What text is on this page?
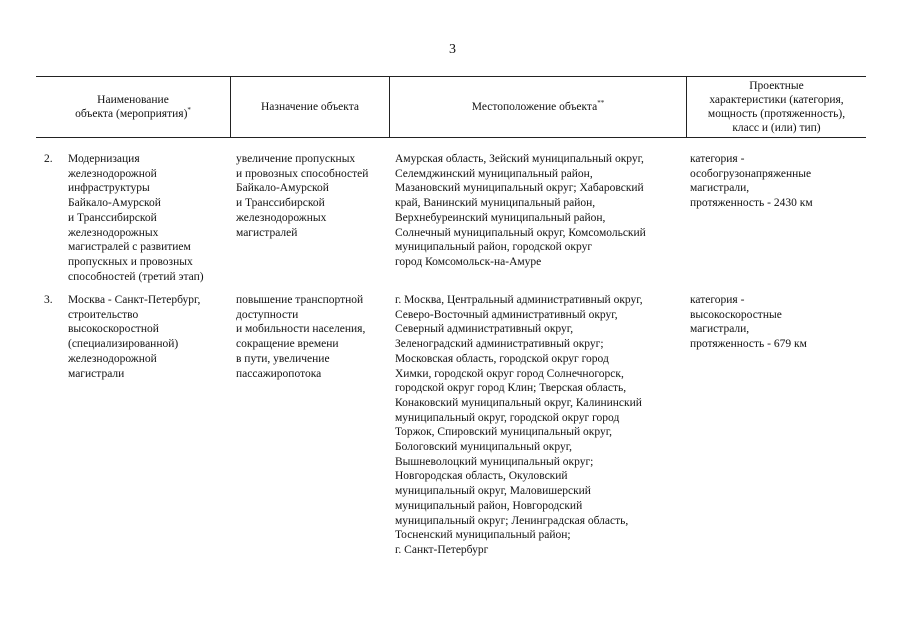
3
Наименование
объекта (мероприятия)*	Назначение объекта	Местоположение объекта**
Проектные
характеристики (категория,
мощность (протяженность),
класс и (или) тип)
2. Модернизация
железнодорожной
инфраструктуры
Байкало-Амурской
и Транссибирской
железнодорожных
магистралей с развитием
пропускных и провозных
способностей (третий этап)
увеличение пропускных
и провозных способностей
Байкало-Амурской
и Транссибирской
железнодорожных
магистралей
Амурская область, Зейский муниципальный округ,
Селемджинский муниципальный район,
Мазановский муниципальный округ; Хабаровский
край, Ванинский муниципальный район,
Верхнебуреинский муниципальный район,
Солнечный муниципальный округ, Комсомольский
муниципальный район, городской округ
город Комсомольск-на-Амуре
категория -
особогрузонапряженные
магистрали,
протяженность - 2430 км
3. Москва - Санкт-Петербург,
строительство
высокоскоростной
(специализированной)
железнодорожной
магистрали
повышение транспортной
доступности
и мобильности населения,
сокращение времени
в пути, увеличение
пассажиропотока
г. Москва, Центральный административный округ,
Северо-Восточный административный округ,
Северный административный округ,
Зеленоградский административный округ;
Московская область, городской округ город
Химки, городской округ город Солнечногорск,
городской округ город Клин; Тверская область,
Конаковский муниципальный округ, Калининский
муниципальный округ, городской округ город
Торжок, Спировский муниципальный округ,
Бологовский муниципальный округ,
Вышневолоцкий муниципальный округ;
Новгородская область, Окуловский
муниципальный округ, Маловишерский
муниципальный район, Новгородский
муниципальный округ; Ленинградская область,
Тосненский муниципальный район;
г. Санкт-Петербург
категория -
высокоскоростные
магистрали,
протяженность - 679 км
